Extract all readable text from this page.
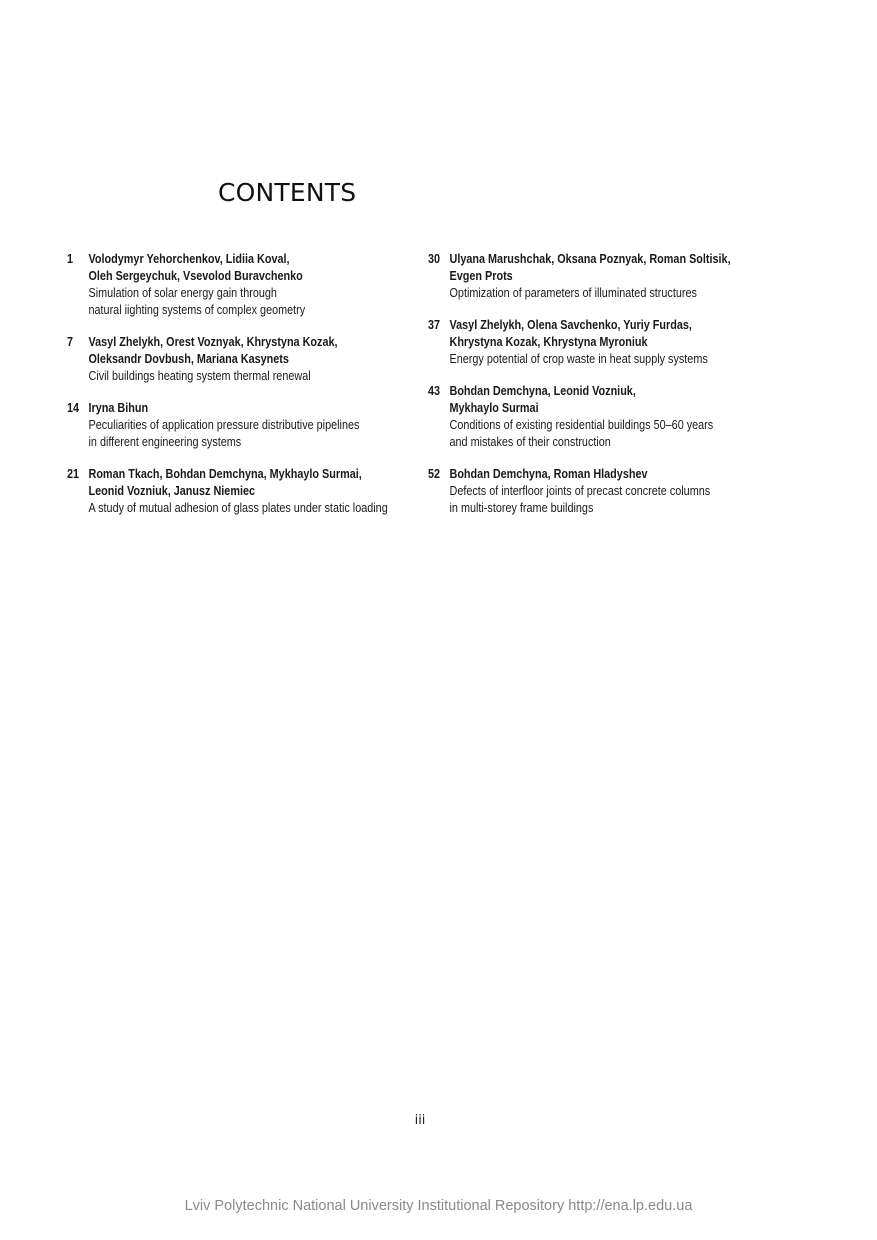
CONTENTS
1 Volodymyr Yehorchenkov, Lidiia Koval,
Oleh Sergeychuk, Vsevolod Buravchenko
Simulation of solar energy gain through
natural iighting systems of complex geometry
7 Vasyl Zhelykh, Orest Voznyak, Khrystyna Kozak,
Oleksandr Dovbush, Mariana Kasynets
Civil buildings heating system thermal renewal
14 Iryna Bihun
Peculiarities of application pressure distributive pipelines
in different engineering systems
21 Roman Tkach, Bohdan Demchyna, Mykhaylo Surmai,
Leonid Vozniuk, Janusz Niemiec
A study of mutual adhesion of glass plates under static loading
30 Ulyana Marushchak, Oksana Poznyak, Roman Soltisik,
Evgen Prots
Optimization of parameters of illuminated structures
37 Vasyl Zhelykh, Olena Savchenko, Yuriy Furdas,
Khrystyna Kozak, Khrystyna Myroniuk
Energy potential of crop waste in heat supply systems
43 Bohdan Demchyna, Leonid Vozniuk,
Mykhaylo Surmai
Conditions of existing residential buildings 50–60 years
and mistakes of their construction
52 Bohdan Demchyna, Roman Hladyshev
Defects of interfloor joints of precast concrete columns
in multi-storey frame buildings
iii
Lviv Polytechnic National University Institutional Repository http://ena.lp.edu.ua
